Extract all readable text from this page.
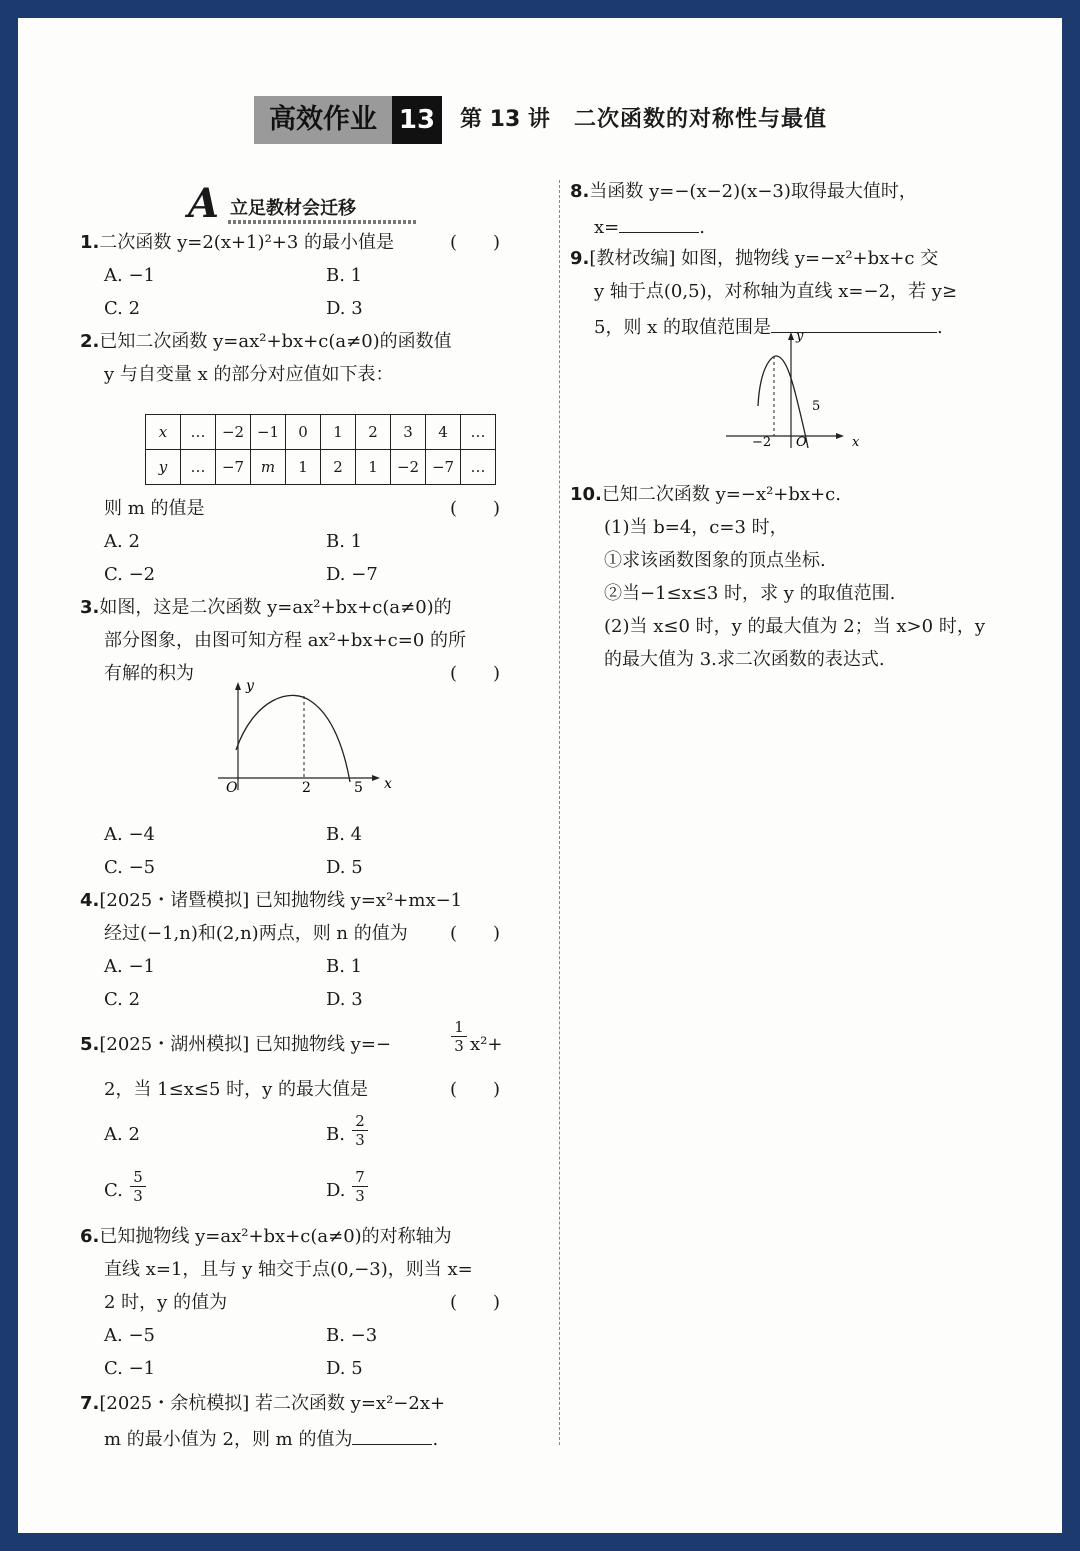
高效作业 13	第 13 讲 二次函数的对称性与最值
A 立足教材会迁移
1.二次函数 y=2(x+1)²+3 的最小值是	(　　)
A. −1	B. 1
C. 2	D. 3
2.已知二次函数 y=ax²+bx+c(a≠0)的函数值
y 与自变量 x 的部分对应值如下表：
x	…	−2	−1	0	1	2	3	4	…
y	…	−7	m	1	2	1	−2	−7	…
则 m 的值是	(　　)
A. 2	B. 1
C. −2	D. −7
3.如图，这是二次函数 y=ax²+bx+c(a≠0)的
部分图象，由图可知方程 ax²+bx+c=0 的所
有解的积为	(　　)
y
x
O	2	5
A. −4	B. 4
C. −5	D. 5
4.[2025・诸暨模拟] 已知抛物线 y=x²+mx−1
经过(−1,n)和(2,n)两点，则 n 的值为 (　　)
A. −1	B. 1
C. 2	D. 3
5.[2025・湖州模拟] 已知抛物线 y=−	$\frac{1}{3} x^2+$
2，当 1≤x≤5 时，y 的最大值是	(　　)
A. 2	B. $\frac{2}{3}$
C. $\frac{5}{3}$	D. $\frac{7}{3}$
6.已知抛物线 y=ax²+bx+c(a≠0)的对称轴为
直线 x=1，且与 y 轴交于点(0,−3)，则当 x=
2 时，y 的值为	(　　)
A. −5	B. −3
C. −1	D. 5
7.[2025・余杭模拟] 若二次函数 y=x²−2x+
m 的最小值为 2，则 m 的值为	.
8.当函数 y=−(x−2)(x−3)取得最大值时，
x=	.
9.[教材改编] 如图，抛物线 y=−x²+bx+c 交
y 轴于点(0,5)，对称轴为直线 x=−2，若 y≥
5，则 x 的取值范围是	.
y
x
O
−2
5
10.已知二次函数 y=−x²+bx+c.
(1)当 b=4，c=3 时，
①求该函数图象的顶点坐标.
②当−1≤x≤3 时，求 y 的取值范围.
(2)当 x≤0 时，y 的最大值为 2；当 x>0 时，y
的最大值为 3.求二次函数的表达式.
